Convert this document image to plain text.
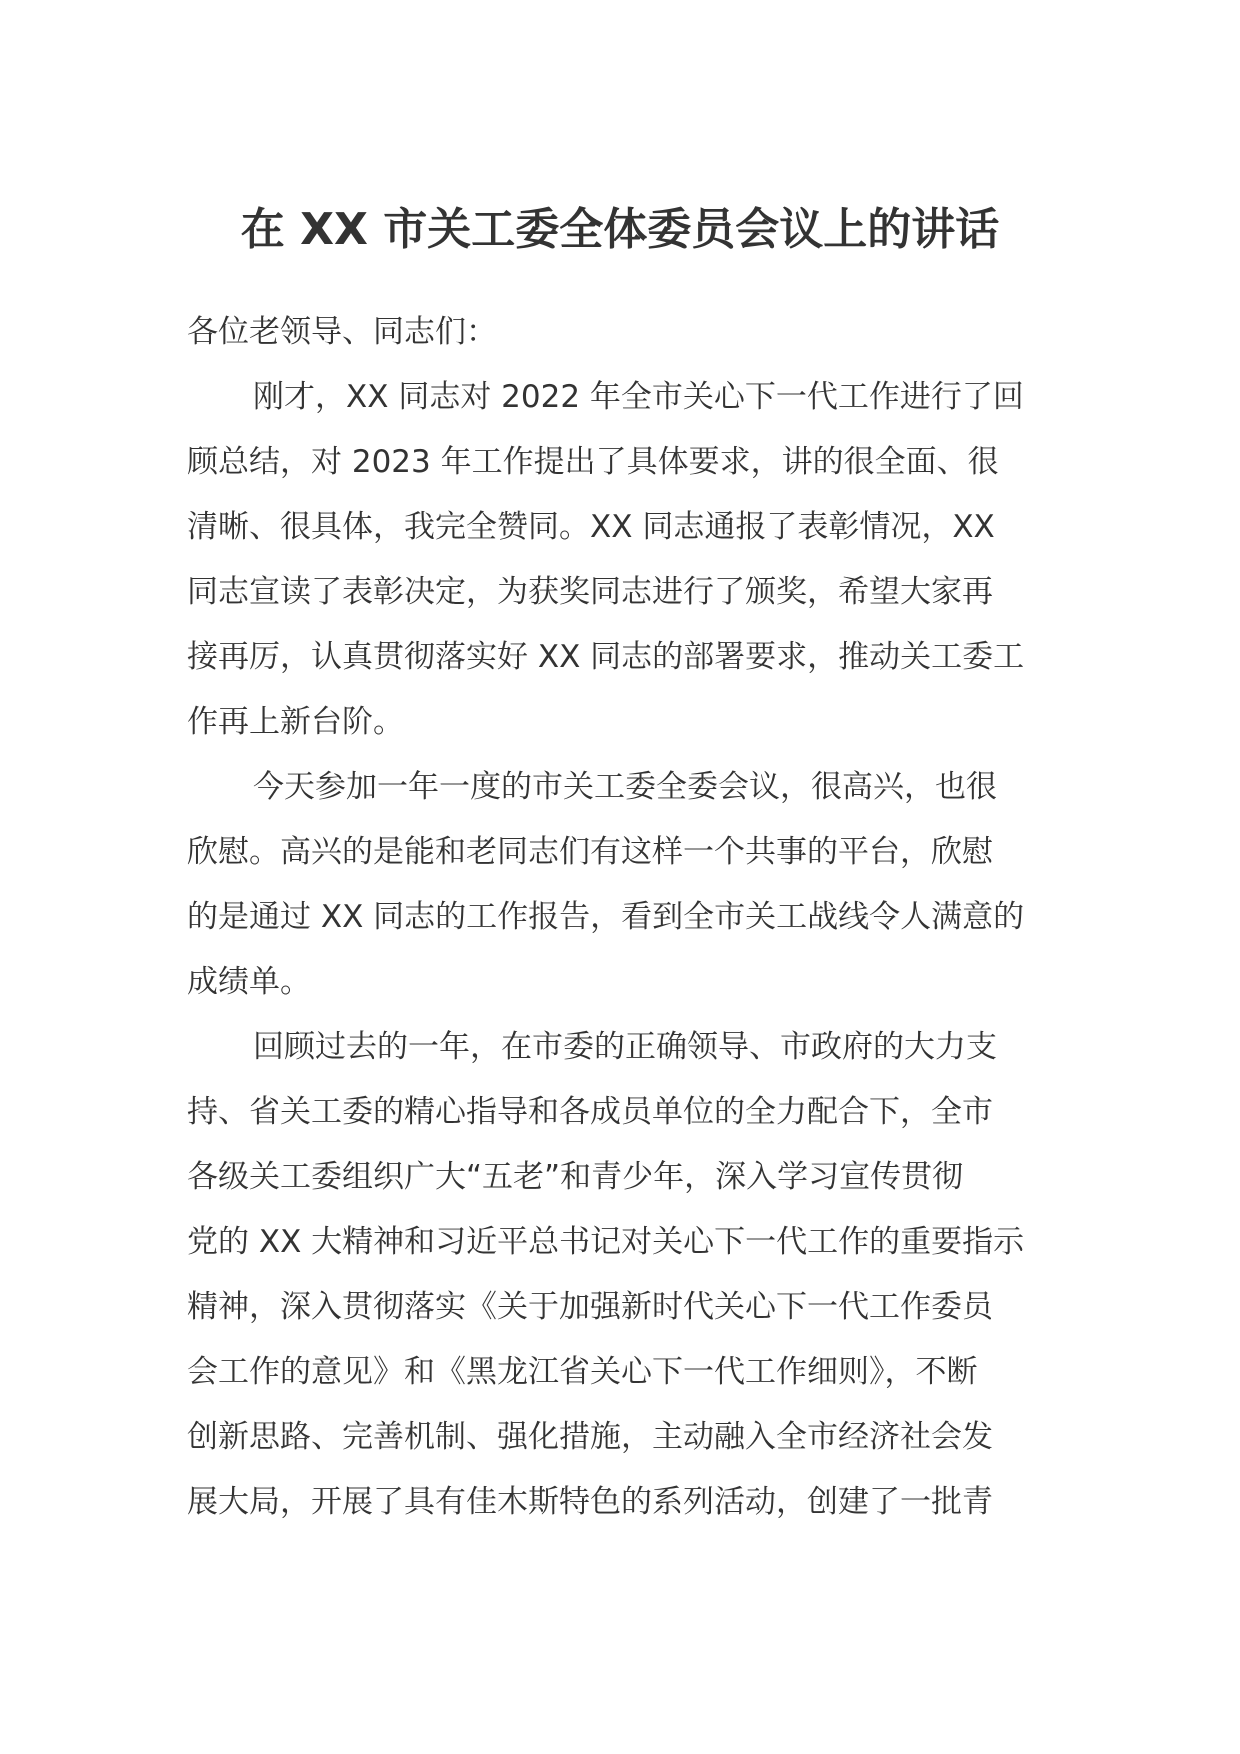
在 XX 市关工委全体委员会议上的讲话
各位老领导、同志们：

刚才，XX 同志对 2022 年全市关心下一代工作进行了回
顾总结，对 2023 年工作提出了具体要求，讲的很全面、很
清晰、很具体，我完全赞同。XX 同志通报了表彰情况，XX
同志宣读了表彰决定，为获奖同志进行了颁奖，希望大家再
接再厉，认真贯彻落实好 XX 同志的部署要求，推动关工委工
作再上新台阶。

今天参加一年一度的市关工委全委会议，很高兴，也很
欣慰。高兴的是能和老同志们有这样一个共事的平台，欣慰
的是通过 XX 同志的工作报告，看到全市关工战线令人满意的
成绩单。

回顾过去的一年，在市委的正确领导、市政府的大力支
持、省关工委的精心指导和各成员单位的全力配合下，全市
各级关工委组织广大“五老”和青少年，深入学习宣传贯彻
党的 XX 大精神和习近平总书记对关心下一代工作的重要指示
精神，深入贯彻落实《关于加强新时代关心下一代工作委员
会工作的意见》和《黑龙江省关心下一代工作细则》，不断
创新思路、完善机制、强化措施，主动融入全市经济社会发
展大局，开展了具有佳木斯特色的系列活动，创建了一批青
